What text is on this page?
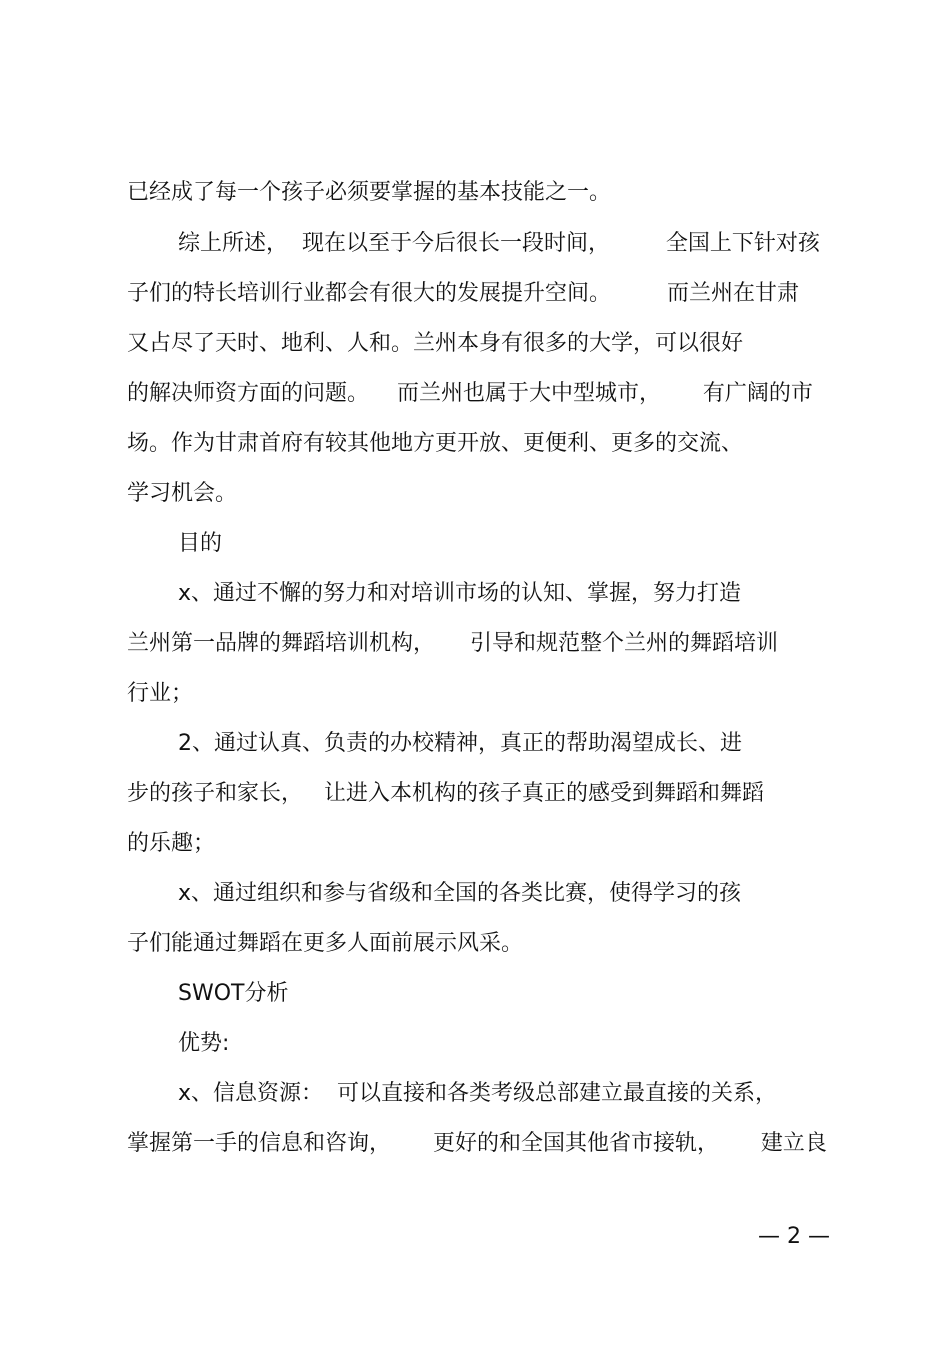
已经成了每一个孩子必须要掌握的基本技能之一。
综上所述，  现在以至于今后很长一段时间，        全国上下针对孩
子们的特长培训行业都会有很大的发展提升空间。        而兰州在甘肃
又占尽了天时、地利、人和。兰州本身有很多的大学，可以很好
的解决师资方面的问题。    而兰州也属于大中型城市，      有广阔的市
场。作为甘肃首府有较其他地方更开放、更便利、更多的交流、
学习机会。
目的
x、通过不懈的努力和对培训市场的认知、掌握，努力打造
兰州第一品牌的舞蹈培训机构，     引导和规范整个兰州的舞蹈培训
行业；
2、通过认真、负责的办校精神，真正的帮助渴望成长、进
步的孩子和家长，   让进入本机构的孩子真正的感受到舞蹈和舞蹈
的乐趣；
x、通过组织和参与省级和全国的各类比赛，使得学习的孩
子们能通过舞蹈在更多人面前展示风采。
SWOT分析
优势:
x、信息资源：  可以直接和各类考级总部建立最直接的关系，
掌握第一手的信息和咨询，      更好的和全国其他省市接轨，      建立良
— 2 —
